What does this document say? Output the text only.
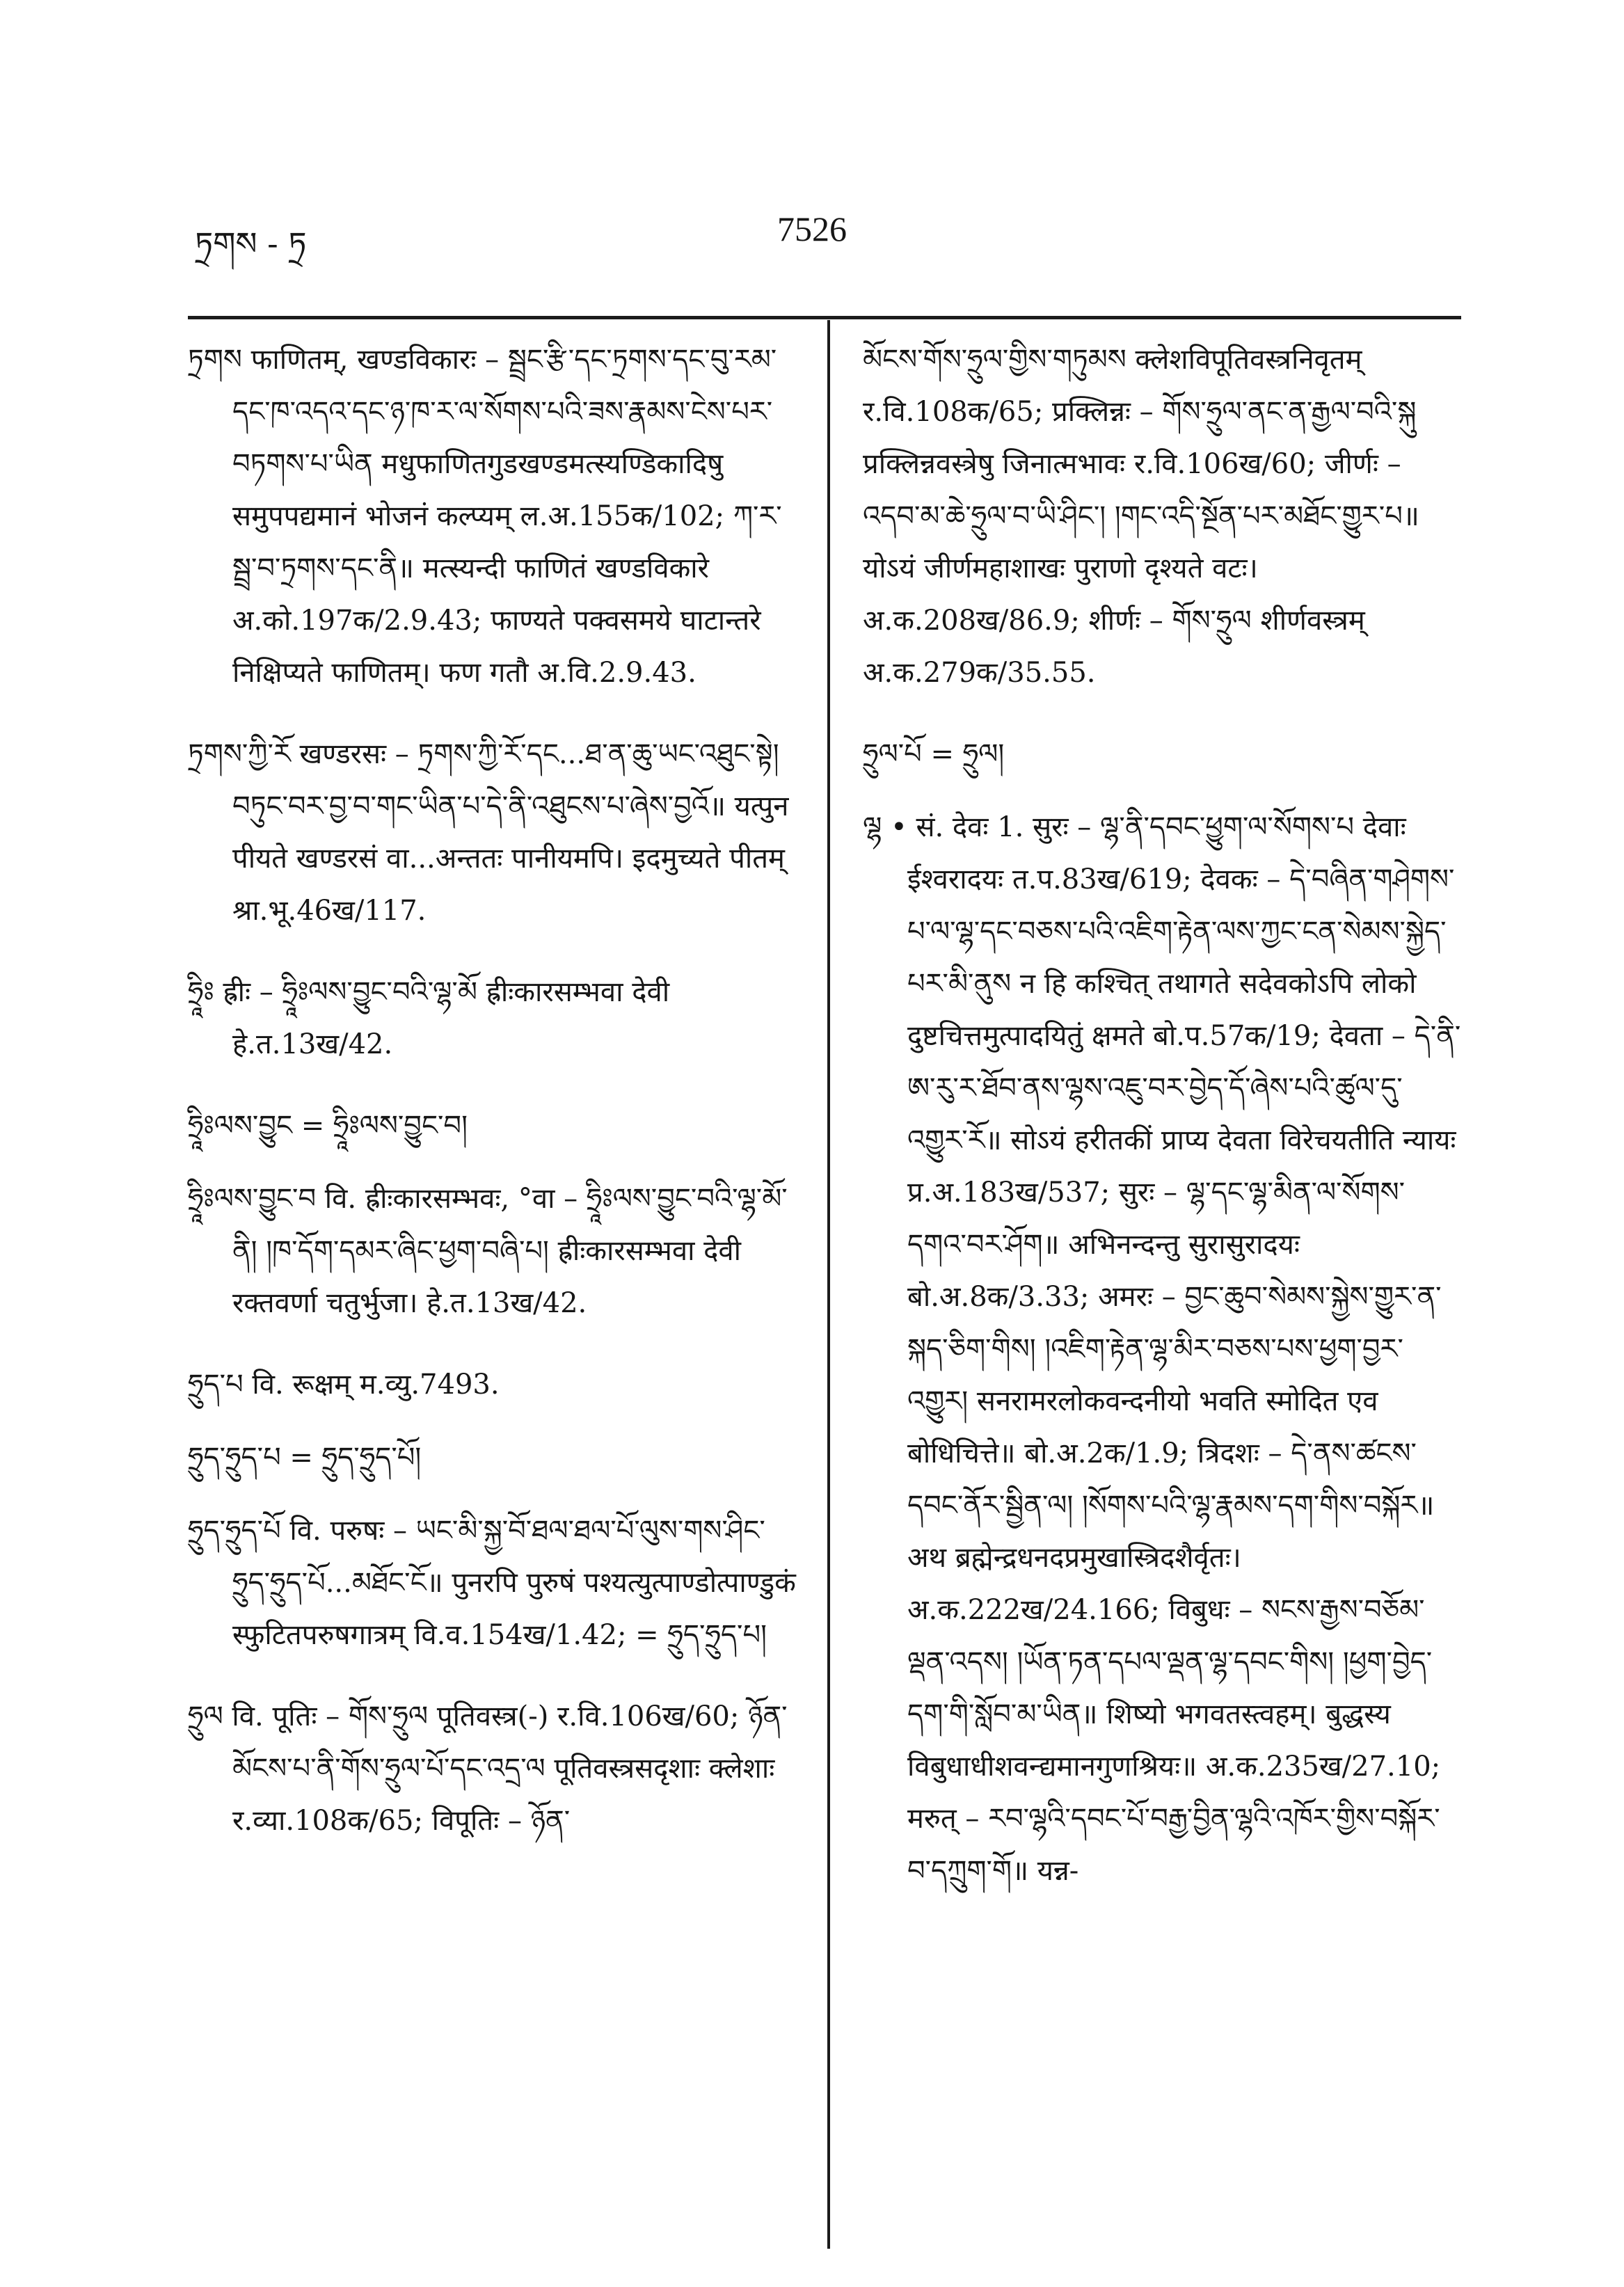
ཏྲགས - ཏྲ	7526

ཏྲགས फाणितम्, खण्डविकारः – སྦྲང་རྩི་དང་ཏྲགས་དང་བུ་རམ་དང་ཁ་འདའ་དང་ཉ་ཁ་ར་ལ་སོགས་པའི་ཟས་རྣམས་ངེས་པར་བཏགས་པ་ཡིན मधुफाणितगुडखण्डमत्स्यण्डिकादिषु समुपपद्यमानं भोजनं कल्प्यम् ल.अ.155क/102; ཀ་ར་སྦྲ་བ་ཏྲགས་དང་ནི॥ मत्स्यन्दी फाणितं खण्डविकारे अ.को.197क/2.9.43; फाण्यते पक्वसमये घाटान्तरे निक्षिप्यते फाणितम्। फण गतौ अ.वि.2.9.43.

ཏྲགས་ཀྱི་རོ खण्डरसः – ཏྲགས་ཀྱི་རོ་དང...ཐ་ན་ཆུ་ཡང་འཐུང་སྟེ། བཏུང་བར་བྱ་བ་གང་ཡིན་པ་དེ་ནི་འཐུངས་པ་ཞེས་བྱའོ॥ यत्पुन पीयते खण्डरसं वा...अन्ततः पानीयमपि। इदमुच्यते पीतम् श्रा.भू.46ख/117.

ཧྲཱིཿ ह्रीः – ཧྲཱིཿལས་བྱུང་བའི་ལྷ་མོ ह्रीःकारसम्भवा देवी हे.त.13ख/42.

ཧྲཱིཿལས་བྱུང = ཧྲཱིཿལས་བྱུང་བ།

ཧྲཱིཿལས་བྱུང་བ वि. ह्रीःकारसम्भवः, °वा – ཧྲཱིཿལས་བྱུང་བའི་ལྷ་མོ་ནི། །ཁ་དོག་དམར་ཞིང་ཕྱག་བཞི་པ། ह्रीःकारसम्भवा देवी रक्तवर्णा चतुर्भुजा। हे.त.13ख/42.

ཧྲུད་པ वि. रूक्षम् म.व्यु.7493.

ཧྲུད་ཧྲུད་པ = ཧྲུད་ཧྲུད་པོ།

ཧྲུད་ཧྲུད་པོ वि. परुषः – ཡང་མི་སྐྱ་བོ་ཐལ་ཐལ་པོ་ལུས་གས་ཤིང་ཧྲུད་ཧྲུད་པོ...མཐོང་ངོ॥ पुनरपि पुरुषं पश्यत्युत्पाण्डोत्पाण्डुकं स्फुटितपरुषगात्रम् वि.व.154ख/1.42; = ཧྲུད་ཧྲུད་པ།

ཧྲུལ वि. पूतिः – གོས་ཧྲུལ पूतिवस्त्र(-) र.वि.106ख/60; ཉོན་མོངས་པ་ནི་གོས་ཧྲུལ་པོ་དང་འདྲ་ལ पूतिवस्त्रसदृशाः क्लेशाः र.व्या.108क/65; विपूतिः – ཉོན་

མོངས་གོས་ཧྲུལ་གྱིས་གཏུམས क्लेशविपूतिवस्त्रनिवृतम् र.वि.108क/65; प्रक्लिन्नः – གོས་ཧྲུལ་ནང་ན་རྒྱལ་བའི་སྐུ प्रक्लिन्नवस्त्रेषु जिनात्मभावः र.वि.106ख/60; जीर्णः – འདབ་མ་ཆེ་ཧྲུལ་བ་ཡི་ཤིང་། །གང་འདི་སྔོན་པར་མཐོང་གྱུར་པ॥ योऽयं जीर्णमहाशाखः पुराणो दृश्यते वटः। अ.क.208ख/86.9; शीर्णः – གོས་ཧྲུལ शीर्णवस्त्रम् अ.क.279क/35.55.

ཧྲུལ་པོ = ཧྲུལ།

ལྷ • सं. देवः 1. सुरः – ལྷ་ནི་དབང་ཕྱུག་ལ་སོགས་པ देवाः ईश्वरादयः त.प.83ख/619; देवकः – དེ་བཞིན་གཤེགས་པ་ལ་ལྷ་དང་བཅས་པའི་འཇིག་རྟེན་ལས་ཀྱང་ངན་སེམས་སྐྱེད་པར་མི་ནུས न हि कश्चित् तथागते सदेवकोऽपि लोको दुष्टचित्तमुत्पादयितुं क्षमते बो.प.57क/19; देवता – དེ་ནི་ཨ་རུ་ར་ཐོབ་ནས་ལྷས་འཇུ་བར་བྱེད་དོ་ཞེས་པའི་ཚུལ་དུ་འགྱུར་རོ॥ सोऽयं हरीतकीं प्राप्य देवता विरेचयतीति न्यायः प्र.अ.183ख/537; सुरः – ལྷ་དང་ལྷ་མིན་ལ་སོགས་དགའ་བར་ཤོག॥ अभिनन्दन्तु सुरासुरादयः बो.अ.8क/3.33; अमरः – བྱང་ཆུབ་སེམས་སྐྱེས་གྱུར་ན་སྐད་ཅིག་གིས། །འཇིག་རྟེན་ལྷ་མིར་བཅས་པས་ཕྱག་བྱར་འགྱུར། सनरामरलोकवन्दनीयो भवति स्मोदित एव बोधिचित्ते॥ बो.अ.2क/1.9; त्रिदशः – དེ་ནས་ཚངས་དབང་ནོར་སྦྱིན་ལ། །སོགས་པའི་ལྷ་རྣམས་དག་གིས་བསྐོར॥ अथ ब्रह्मेन्द्रधनदप्रमुखास्त्रिदशैर्वृतः। अ.क.222ख/24.166; विबुधः – སངས་རྒྱས་བཅོམ་ལྡན་འདས། །ཡོན་ཏན་དཔལ་ལྡན་ལྷ་དབང་གིས། །ཕྱག་བྱེད་དག་གི་སློབ་མ་ཡིན॥ शिष्यो भगवतस्त्वहम्। बुद्धस्य विबुधाधीशवन्द्यमानगुणश्रियः॥ अ.क.235ख/27.10; मरुत् – རབ་ལྷའི་དབང་པོ་བརྒྱ་བྱིན་ལྷའི་འཁོར་གྱིས་བསྐོར་བ་དཀྲུག་གོ॥ यन्न-
